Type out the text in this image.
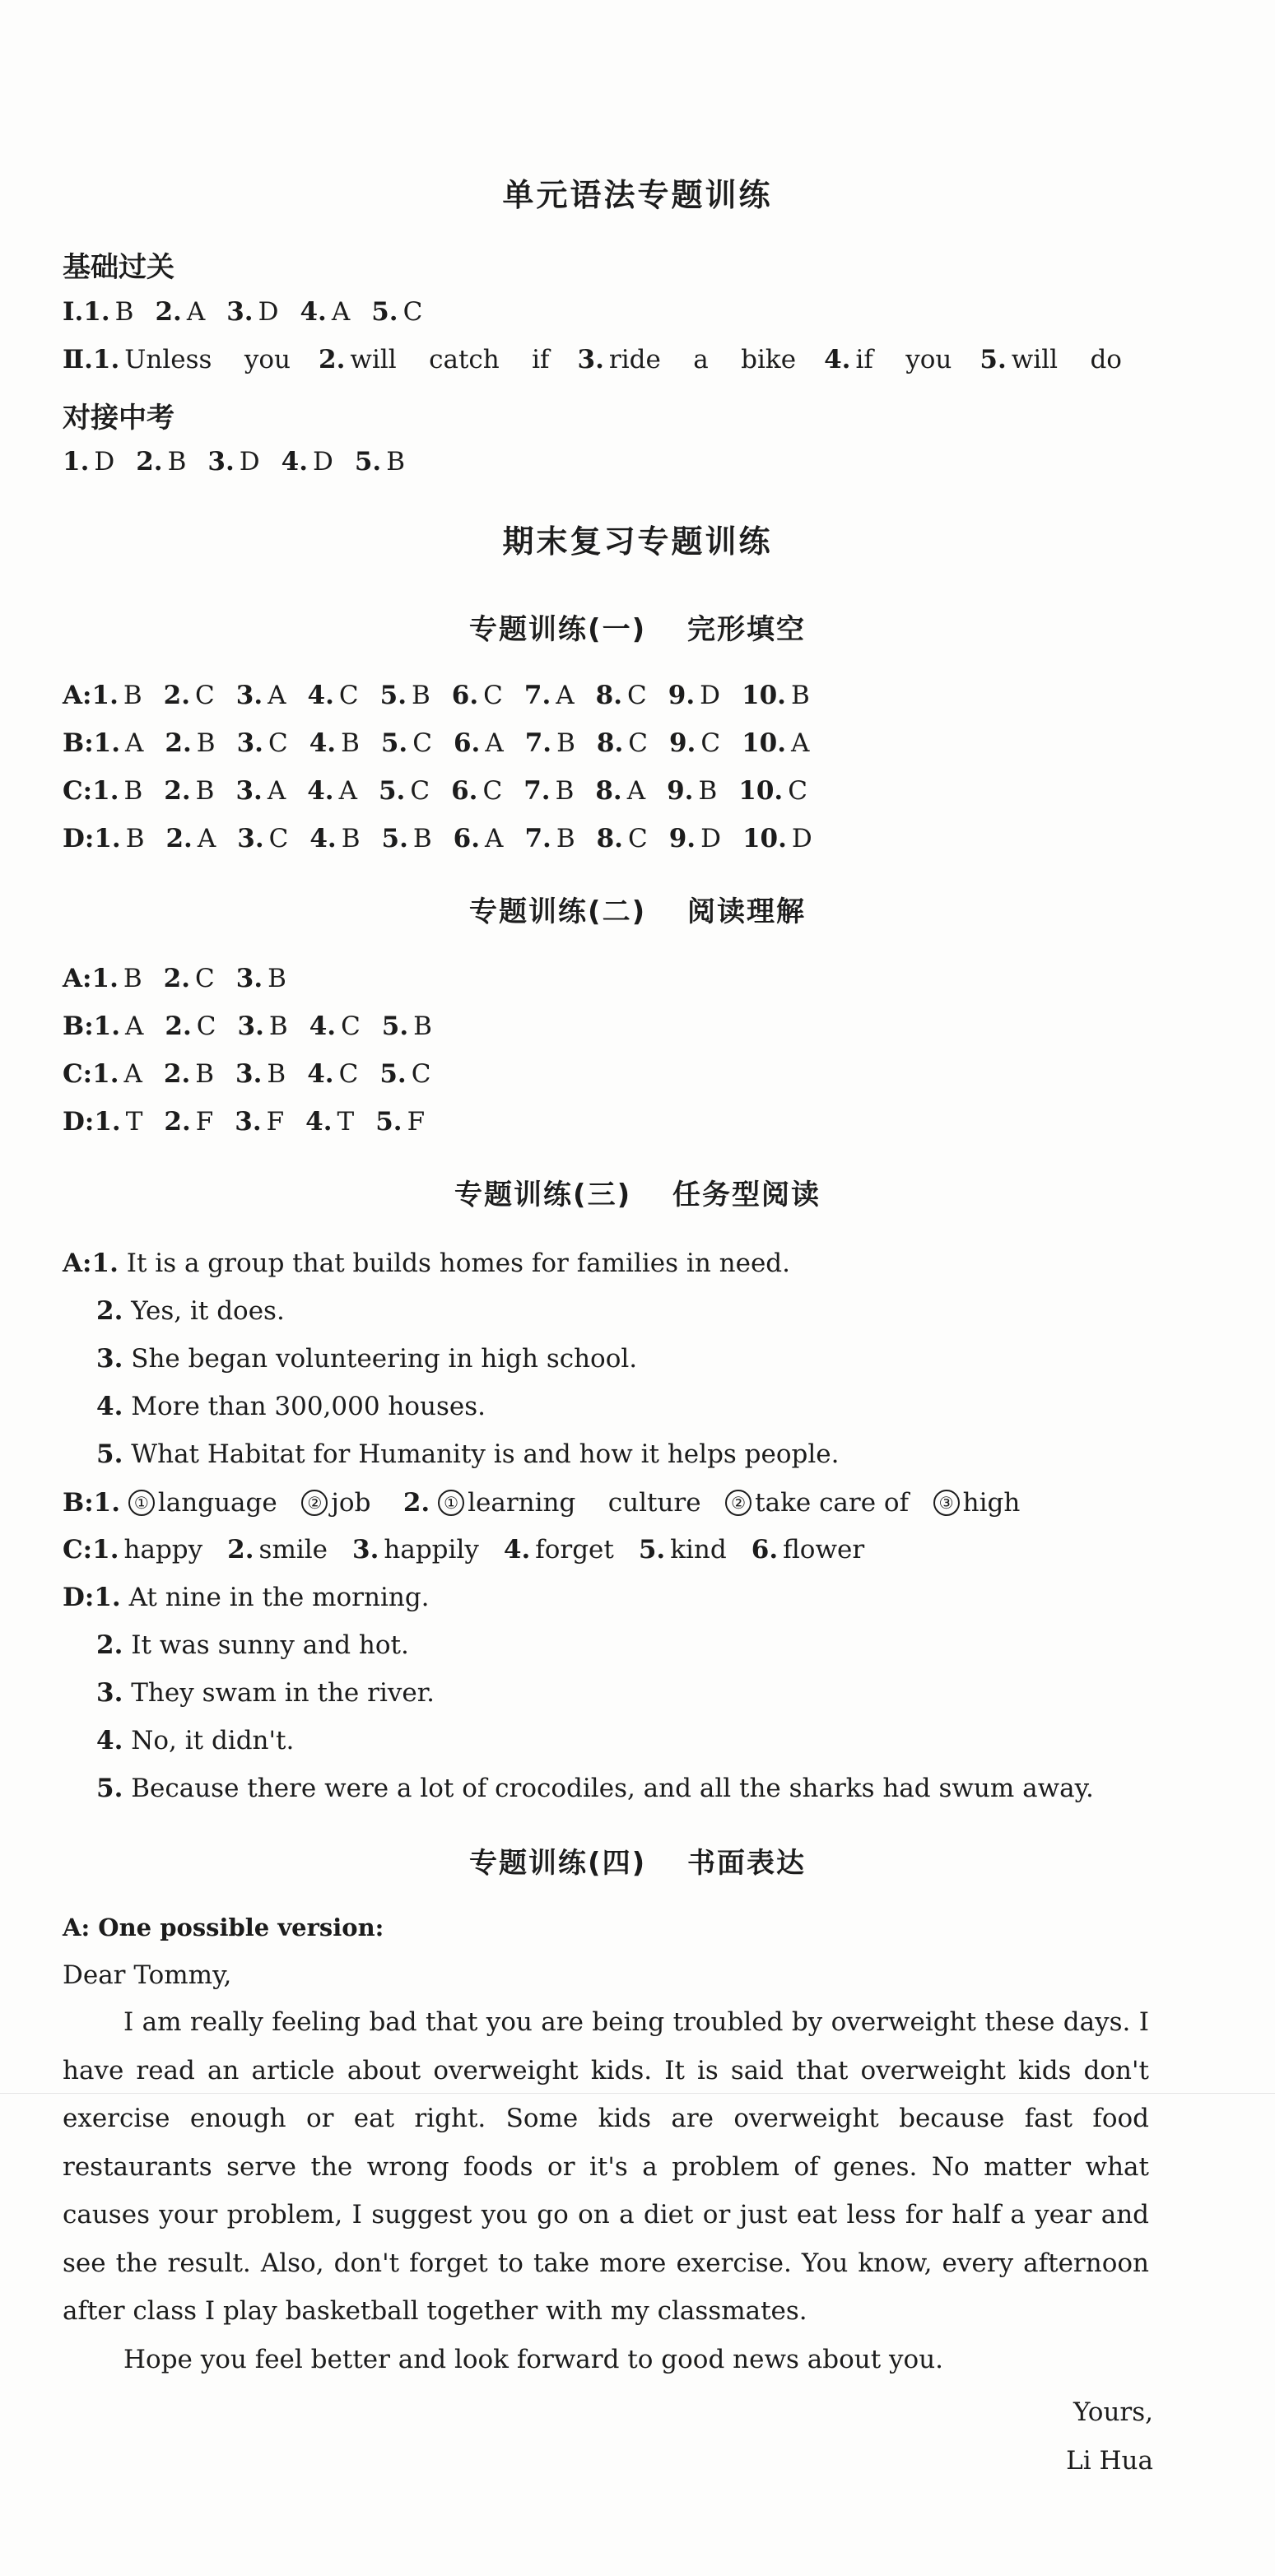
单元语法专题训练
基础过关
Ⅰ.1. B 2. A 3. D 4. A 5. C
Ⅱ.1. Unless    you 2. will    catch    if 3. ride    a    bike 4. if    you 5. will    do
对接中考
1. D 2. B 3. D 4. D 5. B
期末复习专题训练
专题训练(一)　 完形填空
A:1. B 2. C 3. A 4. C 5. B 6. C 7. A 8. C 9. D 10. B
B:1. A 2. B 3. C 4. B 5. C 6. A 7. B 8. C 9. C 10. A
C:1. B 2. B 3. A 4. A 5. C 6. C 7. B 8. A 9. B 10. C
D:1. B 2. A 3. C 4. B 5. B 6. A 7. B 8. C 9. D 10. D
专题训练(二)　 阅读理解
A:1. B 2. C 3. B
B:1. A 2. C 3. B 4. C 5. B
C:1. A 2. B 3. B 4. C 5. C
D:1. T 2. F 3. F 4. T 5. F
专题训练(三)　 任务型阅读
A:1. It is a group that builds homes for families in need.
2. Yes, it does.
3. She began volunteering in high school.
4. More than 300,000 houses.
5. What Habitat for Humanity is and how it helps people.
B:1. ① language ② job 2. ① learning    culture ② take care of ③ high
C:1. happy 2. smile 3. happily 4. forget 5. kind 6. flower
D:1. At nine in the morning.
2. It was sunny and hot.
3. They swam in the river.
4. No, it didn't.
5. Because there were a lot of crocodiles, and all the sharks had swum away.
专题训练(四)　 书面表达
A: One possible version:
Dear Tommy,
I am really feeling bad that you are being troubled by overweight these days. I have read an article about overweight kids. It is said that overweight kids don't exercise enough or eat right. Some kids are overweight because fast food restaurants serve the wrong foods or it's a problem of genes. No matter what causes your problem, I suggest you go on a diet or just eat less for half a year and see the result. Also, don't forget to take more exercise. You know, every afternoon after class I play basketball together with my classmates.
Hope you feel better and look forward to good news about you.
Yours,
Li Hua
